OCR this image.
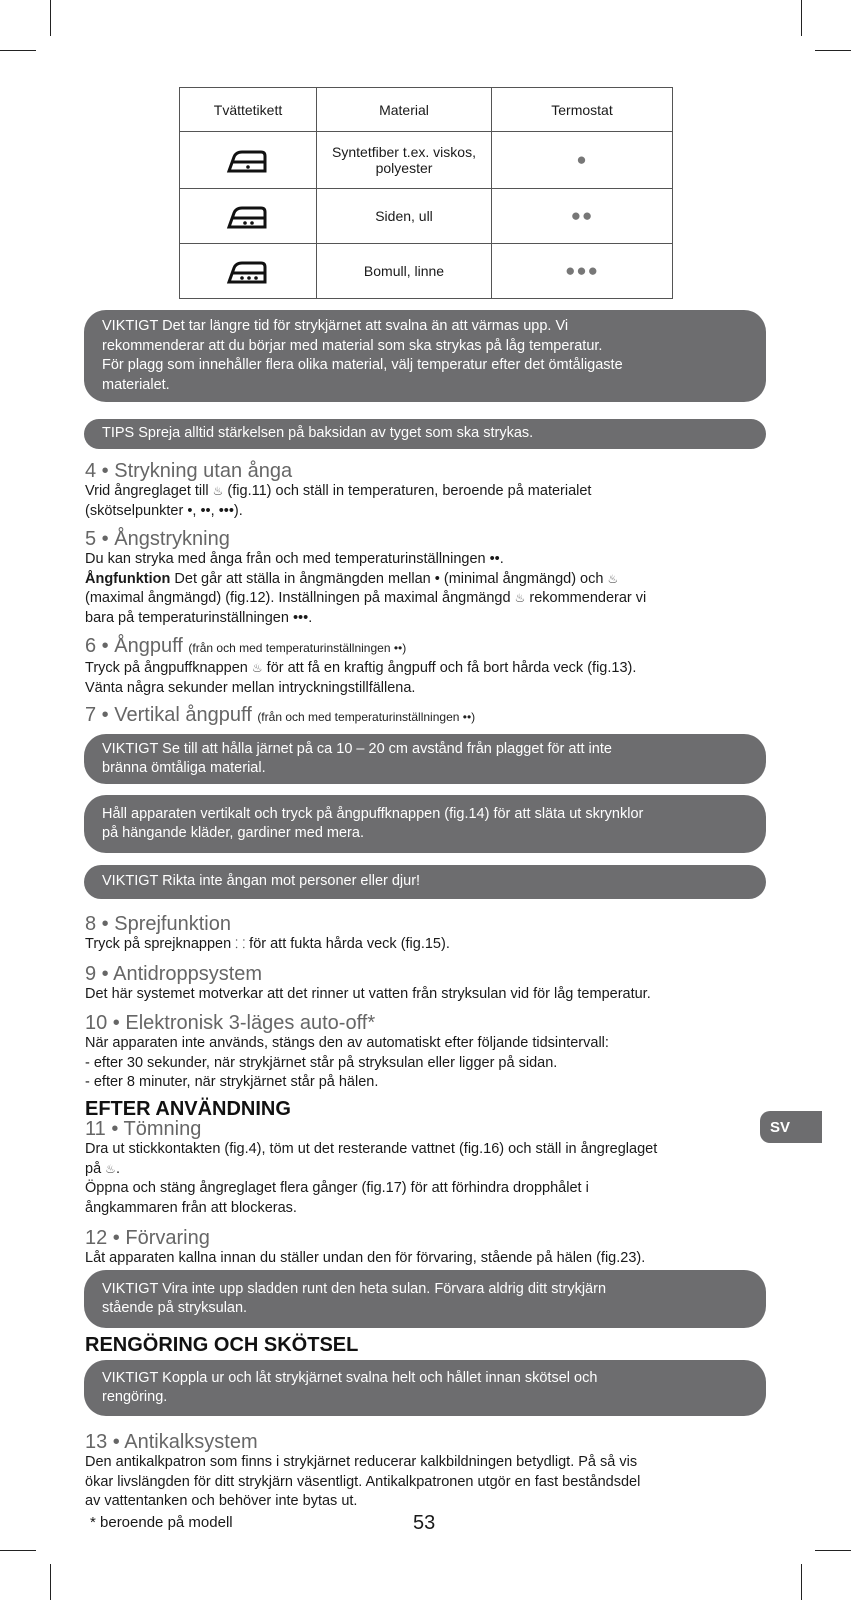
Tvättetikett	Material	Termostat

	Syntetfiber t.ex. viskos, polyester	●

	Siden, ull	●●

	Bomull, linne	●●●
VIKTIGT Det tar längre tid för strykjärnet att svalna än att värmas upp. Vi
rekommenderar att du börjar med material som ska strykas på låg temperatur.
För plagg som innehåller flera olika material, välj temperatur efter det ömtåligaste
materialet.
TIPS Spreja alltid stärkelsen på baksidan av tyget som ska strykas.
4 • Strykning utan ånga

Vrid ångreglaget till ♨ (fig.11) och ställ in temperaturen, beroende på materialet

(skötselpunkter •, ••, •••).

5 • Ångstrykning

Du kan stryka med ånga från och med temperaturinställningen ••.

Ångfunktion Det går att ställa in ångmängden mellan • (minimal ångmängd) och ♨

(maximal ångmängd) (fig.12). Inställningen på maximal ångmängd ♨ rekommenderar vi

bara på temperaturinställningen •••.

6 • Ångpuff (från och med temperaturinställningen ••)

Tryck på ångpuffknappen ♨ för att få en kraftig ångpuff och få bort hårda veck (fig.13).

Vänta några sekunder mellan intryckningstillfällena.

7 • Vertikal ångpuff (från och med temperaturinställningen ••)
VIKTIGT Se till att hålla järnet på ca 10 – 20 cm avstånd från plagget för att inte
bränna ömtåliga material.
Håll apparaten vertikalt och tryck på ångpuffknappen (fig.14) för att släta ut skrynklor
på hängande kläder, gardiner med mera.
VIKTIGT Rikta inte ångan mot personer eller djur!
8 • Sprejfunktion

Tryck på sprejknappen ⸬ för att fukta hårda veck (fig.15).

9 • Antidroppsystem

Det här systemet motverkar att det rinner ut vatten från stryksulan vid för låg temperatur.

10 • Elektronisk 3-läges auto-off*

När apparaten inte används, stängs den av automatiskt efter följande tidsintervall:

- efter 30 sekunder, när strykjärnet står på stryksulan eller ligger på sidan.

- efter 8 minuter, när strykjärnet står på hälen.

EFTER ANVÄNDNING
SV
11 • Tömning

Dra ut stickkontakten (fig.4), töm ut det resterande vattnet (fig.16) och ställ in ångreglaget

på ♨.

Öppna och stäng ångreglaget flera gånger (fig.17) för att förhindra dropphålet i

ångkammaren från att blockeras.

12 • Förvaring

Låt apparaten kallna innan du ställer undan den för förvaring, stående på hälen (fig.23).

VIKTIGT Vira inte upp sladden runt den heta sulan. Förvara aldrig ditt strykjärn
stående på stryksulan.
RENGÖRING OCH SKÖTSEL
VIKTIGT Koppla ur och låt strykjärnet svalna helt och hållet innan skötsel och
rengöring.
13 • Antikalksystem

Den antikalkpatron som finns i strykjärnet reducerar kalkbildningen betydligt. På så vis

ökar livslängden för ditt strykjärn väsentligt. Antikalkpatronen utgör en fast beståndsdel

av vattentanken och behöver inte bytas ut.

* beroende på modell	53
